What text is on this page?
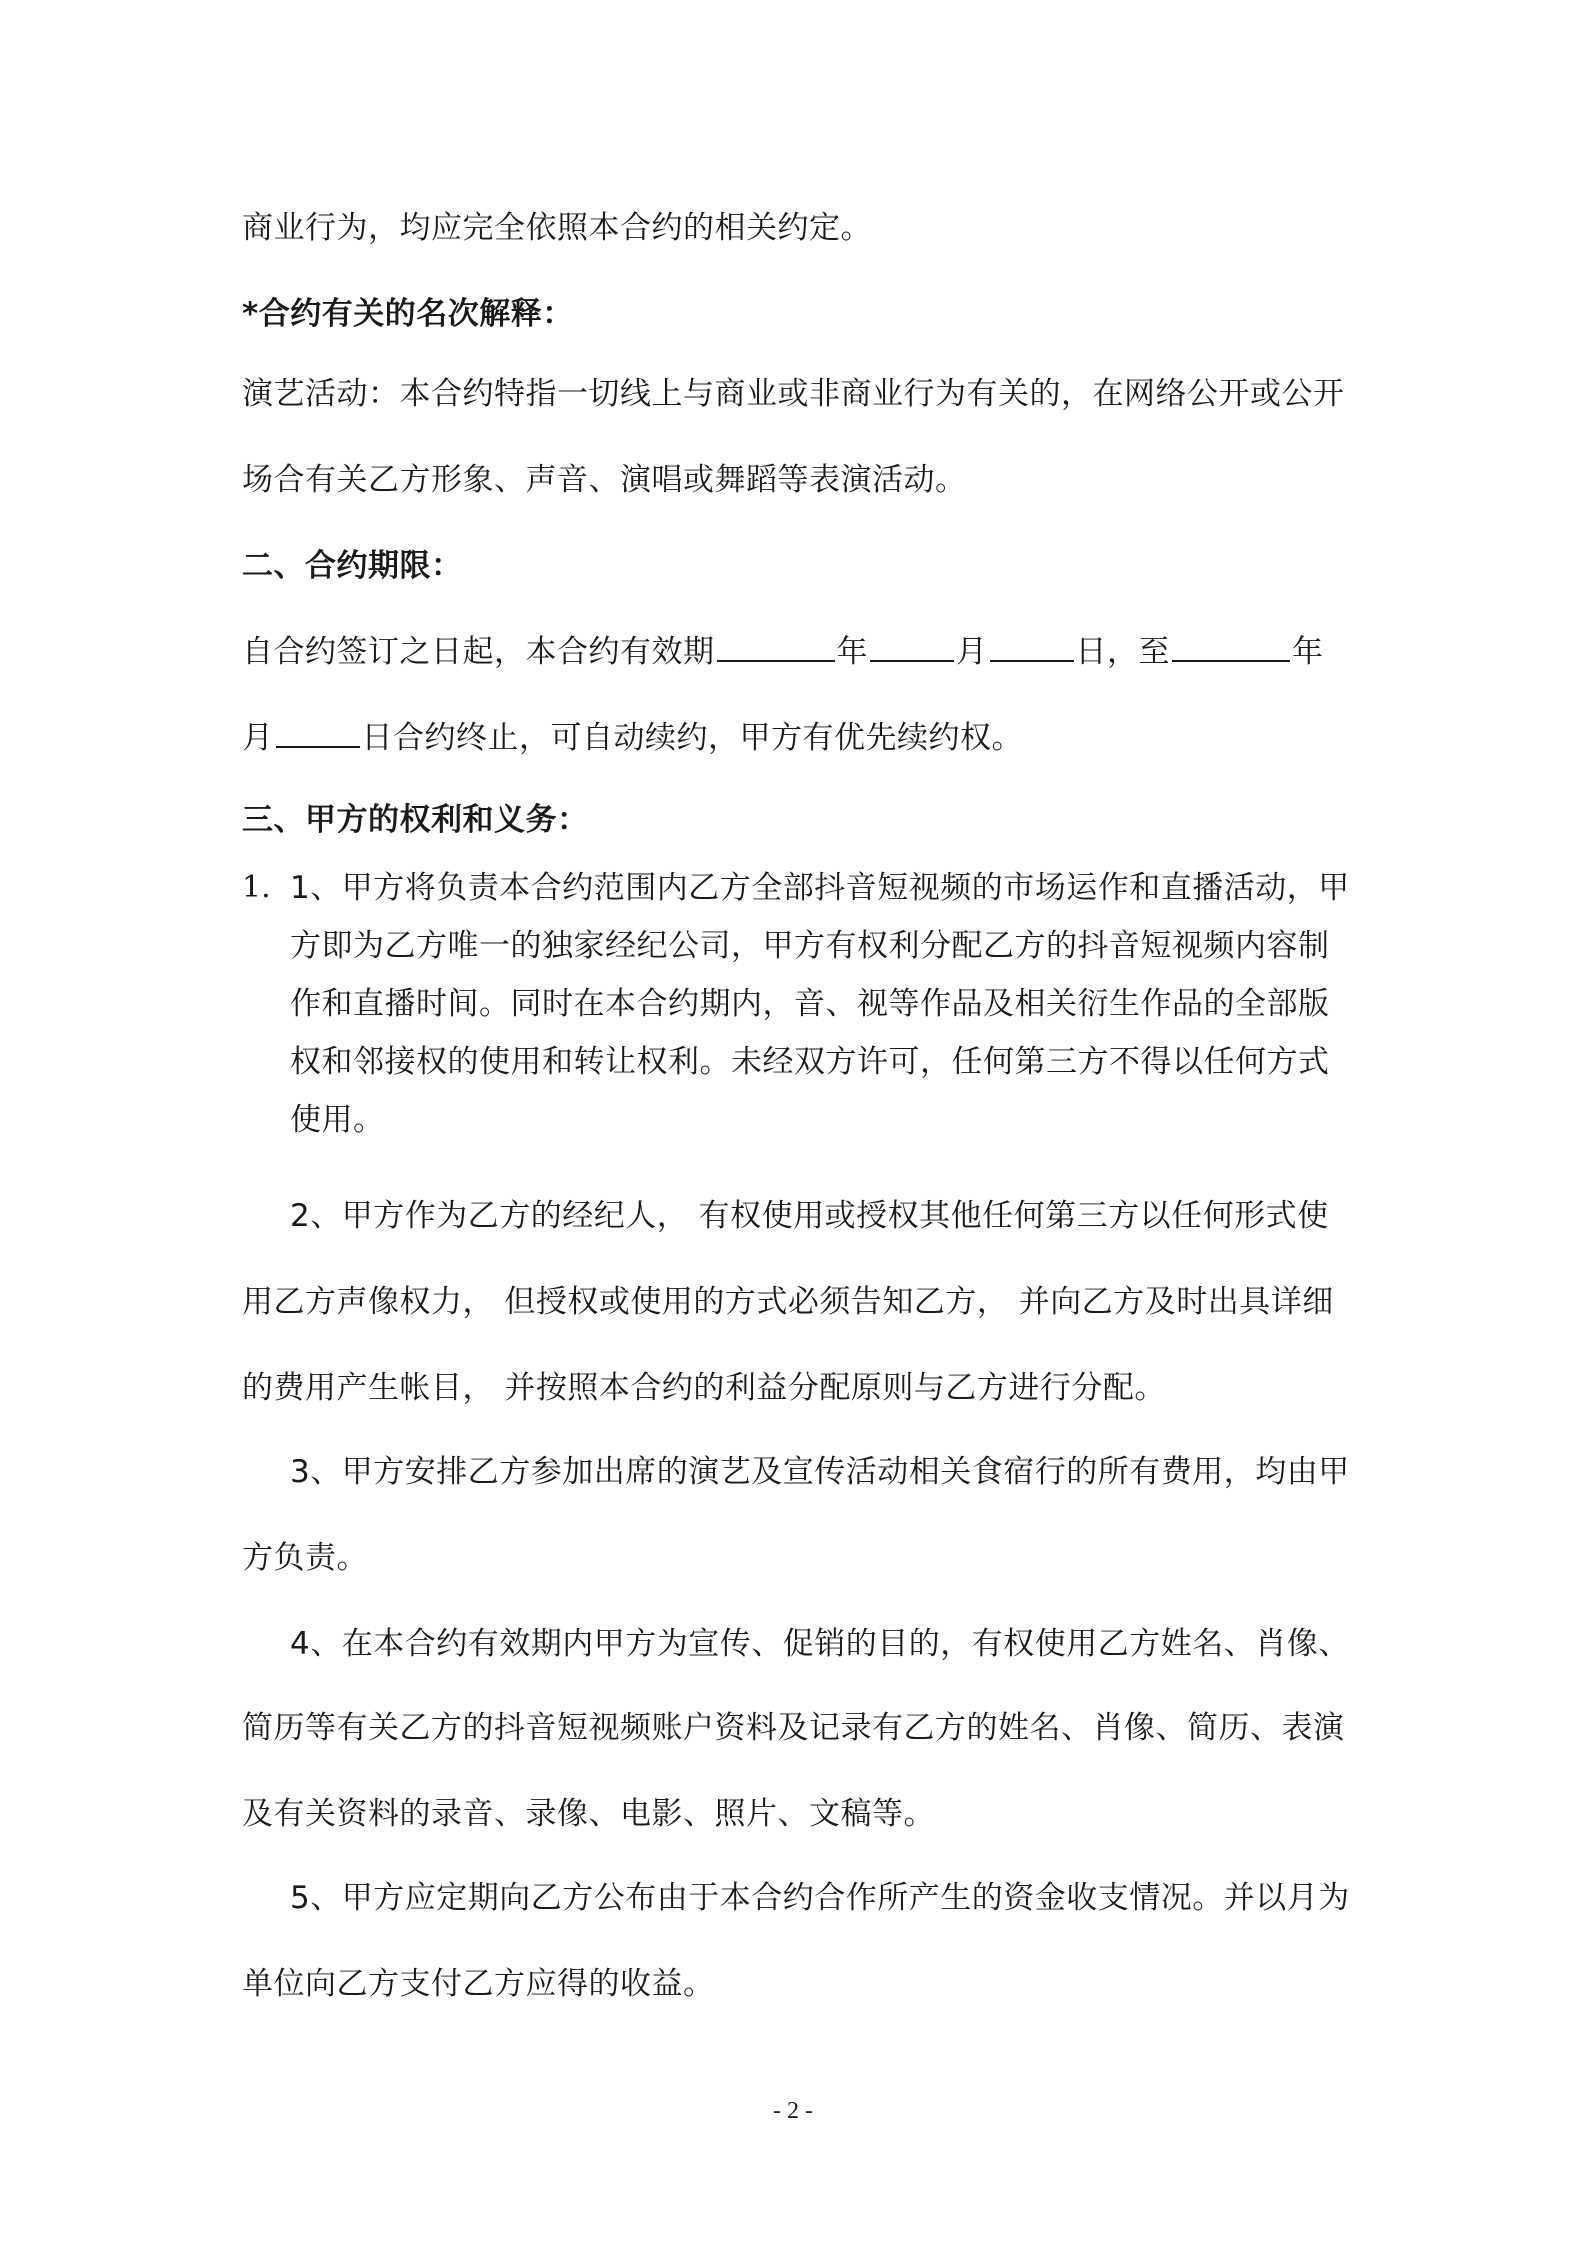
商业行为，均应完全依照本合约的相关约定。
*合约有关的名次解释：
演艺活动：本合约特指一切线上与商业或非商业行为有关的，在网络公开或公开
场合有关乙方形象、声音、演唱或舞蹈等表演活动。
二、合约期限：
自合约签订之日起，本合约有效期	年	月	日，至	年
月	日合约终止，可自动续约，甲方有优先续约权。
三、甲方的权利和义务：
1. 1、甲方将负责本合约范围内乙方全部抖音短视频的市场运作和直播活动，甲
方即为乙方唯一的独家经纪公司，甲方有权利分配乙方的抖音短视频内容制
作和直播时间。同时在本合约期内，音、视等作品及相关衍生作品的全部版
权和邻接权的使用和转让权利。未经双方许可，任何第三方不得以任何方式
使用。
2、甲方作为乙方的经纪人， 有权使用或授权其他任何第三方以任何形式使
用乙方声像权力， 但授权或使用的方式必须告知乙方， 并向乙方及时出具详细
的费用产生帐目， 并按照本合约的利益分配原则与乙方进行分配。
3、甲方安排乙方参加出席的演艺及宣传活动相关食宿行的所有费用，均由甲
方负责。
4、在本合约有效期内甲方为宣传、促销的目的，有权使用乙方姓名、肖像、
简历等有关乙方的抖音短视频账户资料及记录有乙方的姓名、肖像、简历、表演
及有关资料的录音、录像、电影、照片、文稿等。
5、甲方应定期向乙方公布由于本合约合作所产生的资金收支情况。并以月为
单位向乙方支付乙方应得的收益。
- 2 -
